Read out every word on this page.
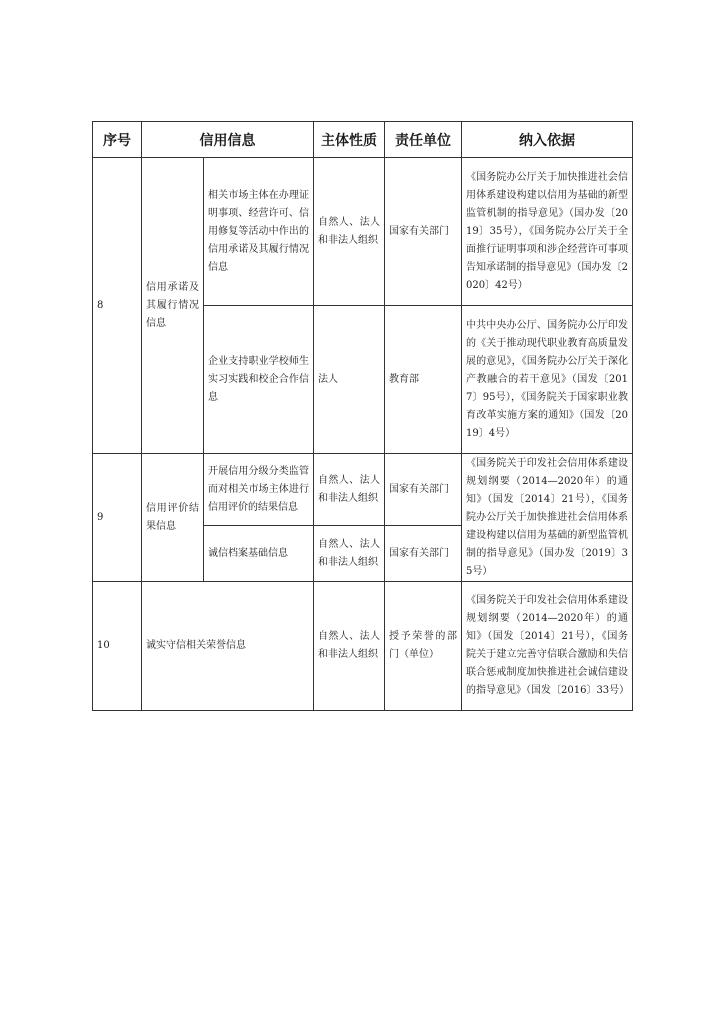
序号	信用信息		主体性质	责任单位	纳入依据
8	信用承诺及其履行情况信息	相关市场主体在办理证明事项、经营许可、信用修复等活动中作出的信用承诺及其履行情况信息	自然人、法人和非法人组织	国家有关部门	《国务院办公厅关于加快推进社会信用体系建设构建以信用为基础的新型监管机制的指导意见》（国办发〔2019〕35号），《国务院办公厅关于全面推行证明事项和涉企经营许可事项告知承诺制的指导意见》（国办发〔2020〕42号）
		企业支持职业学校师生实习实践和校企合作信息	法人	教育部	中共中央办公厅、国务院办公厅印发的《关于推动现代职业教育高质量发展的意见》，《国务院办公厅关于深化产教融合的若干意见》（国发〔2017〕95号），《国务院关于国家职业教育改革实施方案的通知》（国发〔2019〕4号）
9	信用评价结果信息	开展信用分级分类监管而对相关市场主体进行信用评价的结果信息	自然人、法人和非法人组织	国家有关部门	《国务院关于印发社会信用体系建设规划纲要（2014—2020年）的通知》（国发〔2014〕21号），《国务院办公厅关于加快推进社会信用体系建设构建以信用为基础的新型监管机制的指导意见》（国办发〔2019〕35号）
		诚信档案基础信息	自然人、法人和非法人组织	国家有关部门	
10	诚实守信相关荣誉信息		自然人、法人和非法人组织	授予荣誉的部门（单位）	《国务院关于印发社会信用体系建设规划纲要（2014—2020年）的通知》（国发〔2014〕21号），《国务院关于建立完善守信联合激励和失信联合惩戒制度加快推进社会诚信建设的指导意见》（国发〔2016〕33号）
